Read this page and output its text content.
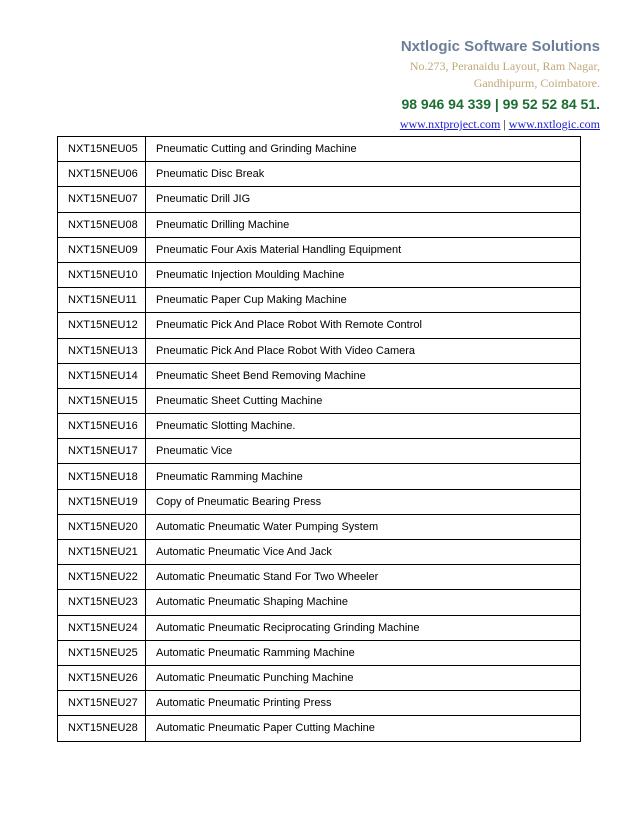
Nxtlogic Software Solutions
No.273, Peranaidu Layout, Ram Nagar,
Gandhipurm, Coimbatore.
98 946 94 339 | 99 52 52 84 51.
www.nxtproject.com | www.nxtlogic.com
NXT15NEU05	Pneumatic Cutting and Grinding Machine
NXT15NEU06	Pneumatic Disc Break
NXT15NEU07	Pneumatic Drill JIG
NXT15NEU08	Pneumatic Drilling Machine
NXT15NEU09	Pneumatic Four Axis Material Handling Equipment
NXT15NEU10	Pneumatic Injection Moulding Machine
NXT15NEU11	Pneumatic Paper Cup Making Machine
NXT15NEU12	Pneumatic Pick And Place Robot With Remote Control
NXT15NEU13	Pneumatic Pick And Place Robot With Video Camera
NXT15NEU14	Pneumatic Sheet Bend Removing Machine
NXT15NEU15	Pneumatic Sheet Cutting Machine
NXT15NEU16	Pneumatic Slotting Machine.
NXT15NEU17	Pneumatic Vice
NXT15NEU18	Pneumatic Ramming Machine
NXT15NEU19	Copy of Pneumatic Bearing Press
NXT15NEU20	Automatic Pneumatic Water Pumping System
NXT15NEU21	Automatic Pneumatic Vice And Jack
NXT15NEU22	Automatic Pneumatic Stand For Two Wheeler
NXT15NEU23	Automatic Pneumatic Shaping Machine
NXT15NEU24	Automatic Pneumatic Reciprocating Grinding Machine
NXT15NEU25	Automatic Pneumatic Ramming Machine
NXT15NEU26	Automatic Pneumatic Punching Machine
NXT15NEU27	Automatic Pneumatic Printing Press
NXT15NEU28	Automatic Pneumatic Paper Cutting Machine
